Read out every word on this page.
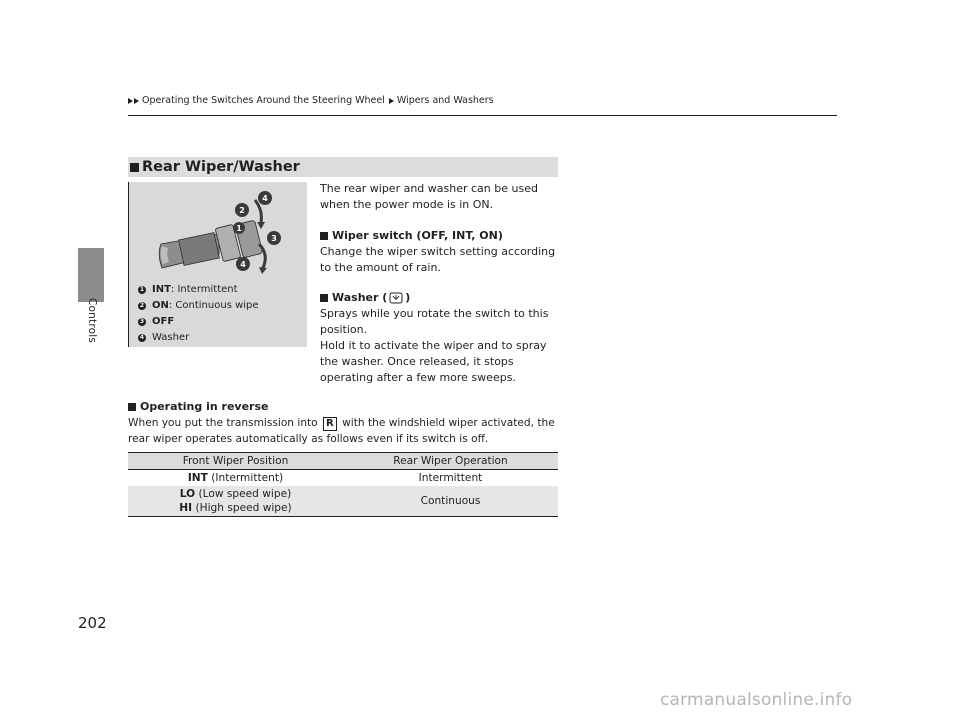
Controls
202
Operating the Switches Around the Steering Wheel Wipers and Washers
Rear Wiper/Washer
4
2
1
3
4
1 INT : Intermittent
2 ON : Continuous wipe
3 OFF
4 Washer
The rear wiper and washer can be used when the power mode is in ON.
Wiper switch (OFF, INT, ON)
Change the wiper switch setting according to the amount of rain.
Washer ( )
Sprays while you rotate the switch to this position.
Hold it to activate the wiper and to spray the washer. Once released, it stops operating after a few more sweeps.
Operating in reverse
When you put the transmission into R with the windshield wiper activated, the rear wiper operates automatically as follows even if its switch is off.
Front Wiper Position	Rear Wiper Operation
INT (Intermittent)	Intermittent
LO (Low speed wipe)
HI (High speed wipe)
Continuous
carmanualsonline.info
